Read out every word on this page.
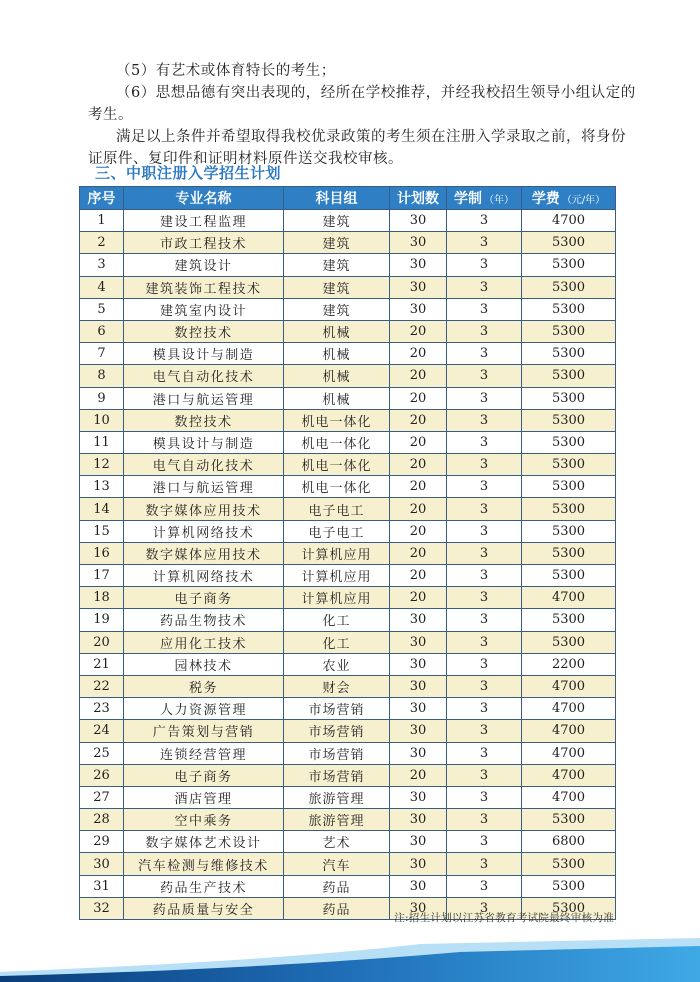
（5）有艺术或体育特长的考生；

（6）思想品德有突出表现的，经所在学校推荐，并经我校招生领导小组认定的考生。

满足以上条件并希望取得我校优录政策的考生须在注册入学录取之前，将身份证原件、复印件和证明材料原件送交我校审核。

三、中职注册入学招生计划
序号	专业名称	科目组	计划数	学制 （年）	学费 （元/年）
1	建设工程监理	建筑	30	3	4700
2	市政工程技术	建筑	30	3	5300
3	建筑设计	建筑	30	3	5300
4	建筑装饰工程技术	建筑	30	3	5300
5	建筑室内设计	建筑	30	3	5300
6	数控技术	机械	20	3	5300
7	模具设计与制造	机械	20	3	5300
8	电气自动化技术	机械	20	3	5300
9	港口与航运管理	机械	20	3	5300
10	数控技术	机电一体化	20	3	5300
11	模具设计与制造	机电一体化	20	3	5300
12	电气自动化技术	机电一体化	20	3	5300
13	港口与航运管理	机电一体化	20	3	5300
14	数字媒体应用技术	电子电工	20	3	5300
15	计算机网络技术	电子电工	20	3	5300
16	数字媒体应用技术	计算机应用	20	3	5300
17	计算机网络技术	计算机应用	20	3	5300
18	电子商务	计算机应用	20	3	4700
19	药品生物技术	化工	30	3	5300
20	应用化工技术	化工	30	3	5300
21	园林技术	农业	30	3	2200
22	税务	财会	30	3	4700
23	人力资源管理	市场营销	30	3	4700
24	广告策划与营销	市场营销	30	3	4700
25	连锁经营管理	市场营销	30	3	4700
26	电子商务	市场营销	20	3	4700
27	酒店管理	旅游管理	30	3	4700
28	空中乘务	旅游管理	30	3	5300
29	数字媒体艺术设计	艺术	30	3	6800
30	汽车检测与维修技术	汽车	30	3	5300
31	药品生产技术	药品	30	3	5300
32	药品质量与安全	药品	30	3	5300
注:招生计划以江苏省教育考试院最终审核为准
